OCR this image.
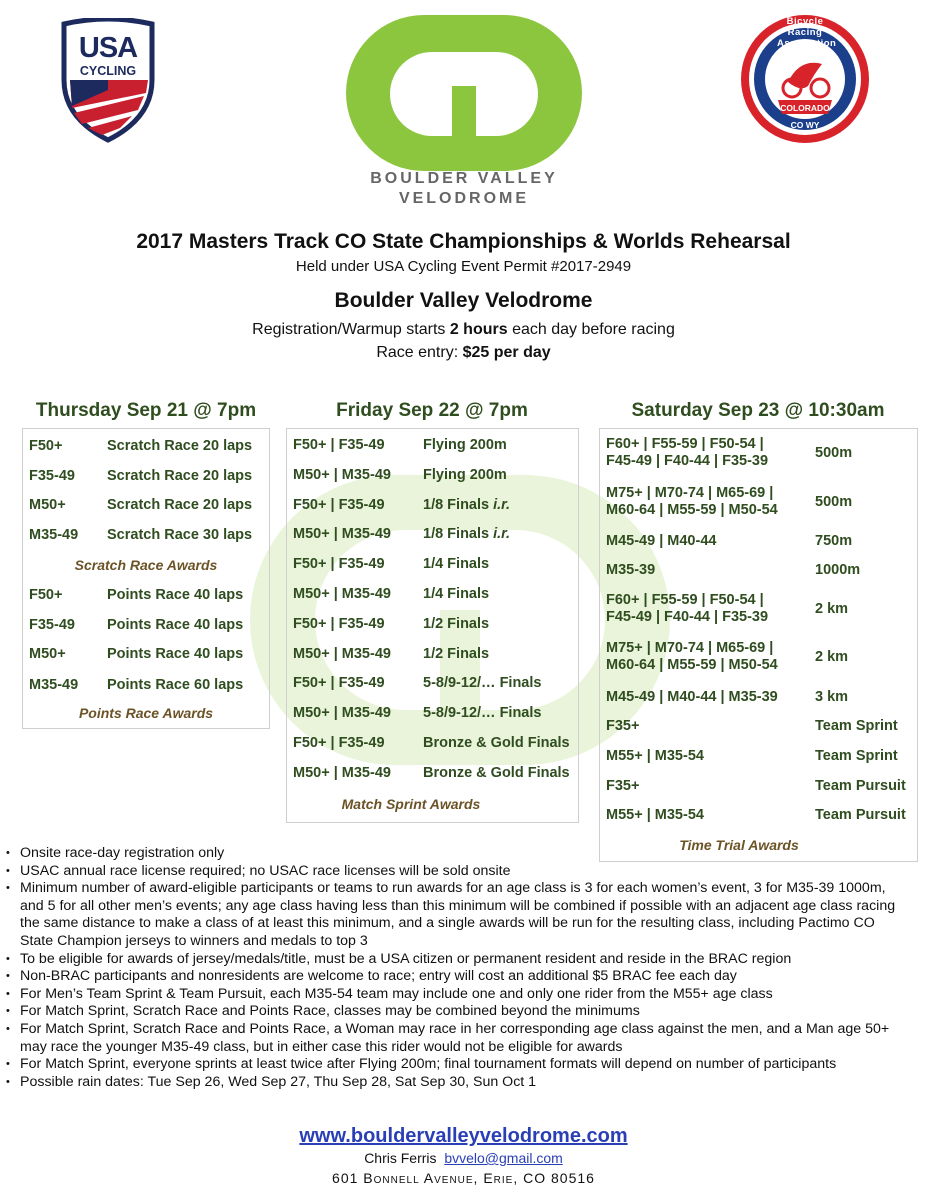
USA
CYCLING
BOULDER VALLEY
VELODROME
Bicycle Racing Association
COLORADO
CO WY
2017 Masters Track CO State Championships & Worlds Rehearsal
Held under USA Cycling Event Permit #2017-2949
Boulder Valley Velodrome
Registration/Warmup starts 2 hours each day before racing
Race entry: $25 per day
Thursday Sep 21 @ 7pm	Friday Sep 22 @ 7pm	Saturday Sep 23 @ 10:30am
F50+	Scratch Race 20 laps
F35-49 Scratch Race 20 laps
M50+	Scratch Race 20 laps
M35-49 Scratch Race 30 laps
F50+	Points Race 40 laps
F35-49 Points Race 40 laps
M50+	Points Race 40 laps
M35-49 Points Race 60 laps
Scratch Race Awards
Points Race Awards
F50+ | F35-49	Flying 200m
M50+ | M35-49 Flying 200m
F50+ | F35-49	1/8 Finals i.r.
M50+ | M35-49 1/8 Finals i.r.
F50+ | F35-49	1/4 Finals
M50+ | M35-49 1/4 Finals
F50+ | F35-49	1/2 Finals
M50+ | M35-49 1/2 Finals
F50+ | F35-49	5-8/9-12/… Finals
M50+ | M35-49 5-8/9-12/… Finals
F50+ | F35-49	Bronze & Gold Finals
M50+ | M35-49 Bronze & Gold Finals
Match Sprint Awards
F60+ | F55-59 | F50-54 |
F45-49 | F40-44 | F35-39	500m
M75+ | M70-74 | M65-69 |
M60-64 | M55-59 | M50-54	500m
M45-49 | M40-44	750m
M35-39	1000m
F60+ | F55-59 | F50-54 |
F45-49 | F40-44 | F35-39	2 km
M75+ | M70-74 | M65-69 |
M60-64 | M55-59 | M50-54	2 km
M45-49 | M40-44 | M35-39	3 km
F35+	Team Sprint
M55+ | M35-54	Team Sprint
F35+	Team Pursuit
M55+ | M35-54	Team Pursuit
Time Trial Awards
• Onsite race-day registration only
• USAC annual race license required; no USAC race licenses will be sold onsite
• Minimum number of award-eligible participants or teams to run awards for an age class is 3 for each women’s event, 3 for M35-39 1000m, and 5 for all other men’s events; any age class having less than this minimum will be combined if possible with an adjacent age class racing the same distance to make a class of at least this minimum, and a single awards will be run for the resulting class, including Pactimo CO State Champion jerseys to winners and medals to top 3
• To be eligible for awards of jersey/medals/title, must be a USA citizen or permanent resident and reside in the BRAC region
• Non-BRAC participants and nonresidents are welcome to race; entry will cost an additional $5 BRAC fee each day
• For Men’s Team Sprint & Team Pursuit, each M35-54 team may include one and only one rider from the M55+ age class
• For Match Sprint, Scratch Race and Points Race, classes may be combined beyond the minimums
• For Match Sprint, Scratch Race and Points Race, a Woman may race in her corresponding age class against the men, and a Man age 50+ may race the younger M35-49 class, but in either case this rider would not be eligible for awards
• For Match Sprint, everyone sprints at least twice after Flying 200m; final tournament formats will depend on number of participants
• Possible rain dates: Tue Sep 26, Wed Sep 27, Thu Sep 28, Sat Sep 30, Sun Oct 1
www.bouldervalleyvelodrome.com
Chris Ferris bvvelo@gmail.com
601 Bonnell Avenue, Erie, CO 80516
